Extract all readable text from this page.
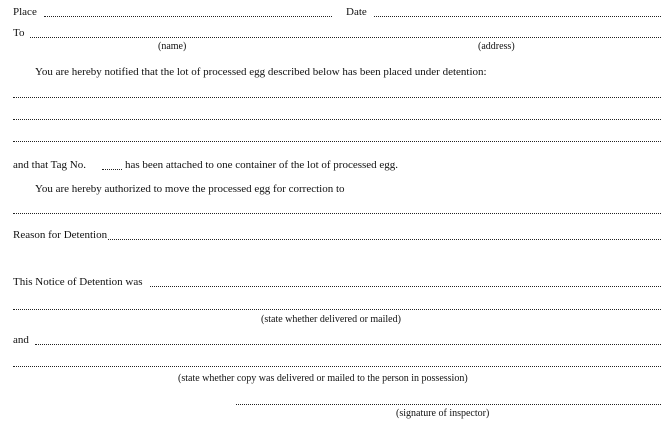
Place	Date
To
(name)	(address)
You are hereby notified that the lot of processed egg described below has been placed under detention:
and that Tag No.	has been attached to one container of the lot of processed egg.
You are hereby authorized to move the processed egg for correction to
Reason for Detention
This Notice of Detention was
(state whether delivered or mailed)
and
(state whether copy was delivered or mailed to the person in possession)
(signature of inspector)
